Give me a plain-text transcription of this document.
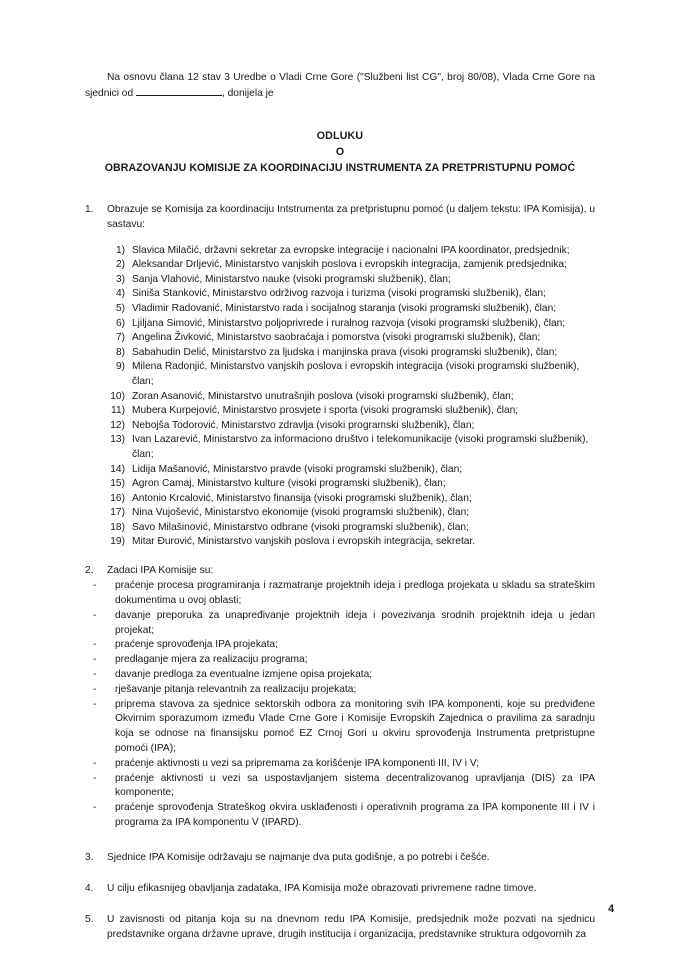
Na osnovu člana 12 stav 3 Uredbe o Vladi Crne Gore ("Službeni list CG", broj 80/08), Vlada Crne Gore na sjednici od	, donijela je

ODLUKU
O
OBRAZOVANJU KOMISIJE ZA KOORDINACIJU INSTRUMENTA ZA PRETPRISTUPNU POMOĆ
1.	Obrazuje se Komisija za koordinaciju Intstrumenta za pretpristupnu pomoć (u daljem tekstu: IPA Komisija), u sastavu:
1) Slavica Milačić, državni sekretar za evropske integracije i nacionalni IPA koordinator, predsjednik;
2) Aleksandar Drljević, Ministarstvo vanjskih poslova i evropskih integracija, zamjenik predsjednika;
3) Sanja Vlahović, Ministarstvo nauke (visoki programski službenik), član;
4) Siniša Stanković, Ministarstvo održivog razvoja i turizma (visoki programski službenik), član;
5) Vladimir Radovanić, Ministarstvo rada i socijalnog staranja (visoki programski službenik), član;
6) Ljiljana Simović, Ministarstvo poljoprivrede i ruralnog razvoja (visoki programski službenik), član;
7) Angelina Živković, Ministarstvo saobraćaja i pomorstva (visoki programski službenik), član;
8) Sabahudin Delić, Ministarstvo za ljudska i manjinska prava (visoki programski službenik), član;
9) Milena Radonjić, Ministarstvo vanjskih poslova i evropskih integracija (visoki programski službenik), član;
10) Zoran Asanović, Ministarstvo unutrašnjih poslova (visoki programski službenik), član;
11) Mubera Kurpejović, Ministarstvo prosvjete i sporta (visoki programski službenik), član;
12) Nebojša Todorović, Ministarstvo zdravlja (visoki programski službenik), član;
13) Ivan Lazarević, Ministarstvo za informaciono društvo i telekomunikacije (visoki programski službenik), član;
14) Lidija Mašanović, Ministarstvo pravde (visoki programski službenik), član;
15) Agron Camaj, Ministarstvo kulture (visoki programski službenik), član;
16) Antonio Krcalović, Ministarstvo finansija (visoki programski službenik), član;
17) Nina Vujošević, Ministarstvo ekonomije (visoki programski službenik), član;
18) Savo Milašinović, Ministarstvo odbrane (visoki programski službenik), član;
19) Mitar Đurović, Ministarstvo vanjskih poslova i evropskih integracija, sekretar.
2.	Zadaci IPA Komisije su:
-	praćenje procesa programiranja i razmatranje projektnih ideja i predloga projekata u skladu sa strateškim dokumentima u ovoj oblasti;
-	davanje preporuka za unapređivanje projektnih ideja i povezivanja srodnih projektnih ideja u jedan projekat;
-	praćenje sprovođenja IPA projekata;
-	predlaganje mjera za realizaciju programa;
-	davanje predloga za eventualne izmjene opisa projekata;
-	rješavanje pitanja relevantnih za realizaciju projekata;
-	priprema stavova za sjednice sektorskih odbora za monitoring svih IPA komponenti, koje su predviđene Okvirnim sporazumom između Vlade Crne Gore i Komisije Evropskih Zajednica o pravilima za saradnju koja se odnose na finansijsku pomoć EZ Crnoj Gori u okviru sprovođenja Instrumenta pretpristupne pomoći (IPA);
-	praćenje aktivnosti u vezi sa pripremama za korišćenje IPA komponenti III, IV i V;
-	praćenje aktivnosti u vezi sa uspostavljanjem sistema decentralizovanog upravljanja (DIS) za IPA komponente;
-	praćenje sprovođenja Strateškog okvira usklađenosti i operativnih programa za IPA komponente III i IV i programa za IPA komponentu V (IPARD).
3.	Sjednice IPA Komisije održavaju se najmanje dva puta godišnje, a po potrebi i češće.
4.	U cilju efikasnijeg obavljanja zadataka, IPA Komisija može obrazovati privremene radne timove.
5.	U zavisnosti od pitanja koja su na dnevnom redu IPA Komisije, predsjednik može pozvati na sjednicu predstavnike organa državne uprave, drugih institucija i organizacija, predstavnike struktura odgovornih za
4
